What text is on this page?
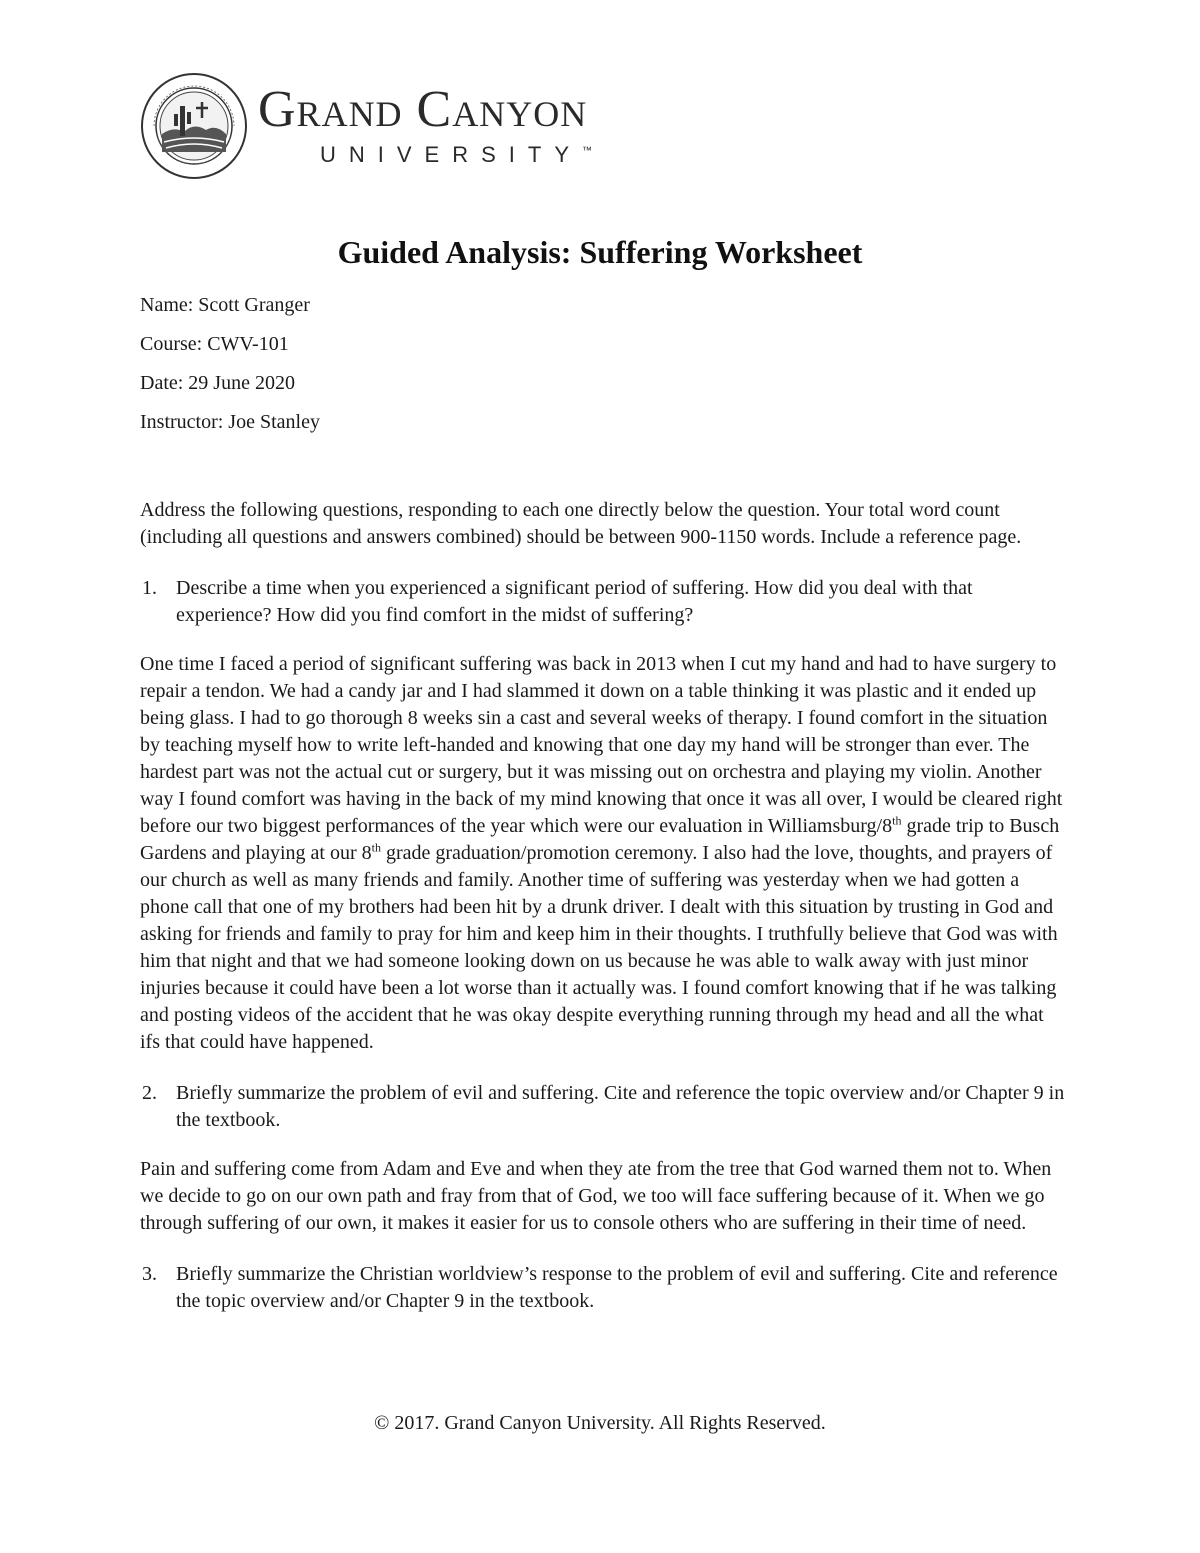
Grand Canyon
UNIVERSITY™
Guided Analysis: Suffering Worksheet

Name: Scott Granger

Course: CWV-101

Date: 29 June 2020

Instructor: Joe Stanley

Address the following questions, responding to each one directly below the question. Your total word count (including all questions and answers combined) should be between 900-1150 words. Include a reference page.

1. Describe a time when you experienced a significant period of suffering. How did you deal with that experience? How did you find comfort in the midst of suffering?

One time I faced a period of significant suffering was back in 2013 when I cut my hand and had to have surgery to repair a tendon. We had a candy jar and I had slammed it down on a table thinking it was plastic and it ended up being glass. I had to go thorough 8 weeks sin a cast and several weeks of therapy. I found comfort in the situation by teaching myself how to write left-handed and knowing that one day my hand will be stronger than ever. The hardest part was not the actual cut or surgery, but it was missing out on orchestra and playing my violin. Another way I found comfort was having in the back of my mind knowing that once it was all over, I would be cleared right before our two biggest performances of the year which were our evaluation in Williamsburg/8th grade trip to Busch Gardens and playing at our 8th grade graduation/promotion ceremony. I also had the love, thoughts, and prayers of our church as well as many friends and family. Another time of suffering was yesterday when we had gotten a phone call that one of my brothers had been hit by a drunk driver. I dealt with this situation by trusting in God and asking for friends and family to pray for him and keep him in their thoughts. I truthfully believe that God was with him that night and that we had someone looking down on us because he was able to walk away with just minor injuries because it could have been a lot worse than it actually was. I found comfort knowing that if he was talking and posting videos of the accident that he was okay despite everything running through my head and all the what ifs that could have happened.

2. Briefly summarize the problem of evil and suffering. Cite and reference the topic overview and/or Chapter 9 in the textbook.

Pain and suffering come from Adam and Eve and when they ate from the tree that God warned them not to. When we decide to go on our own path and fray from that of God, we too will face suffering because of it. When we go through suffering of our own, it makes it easier for us to console others who are suffering in their time of need.

3. Briefly summarize the Christian worldview’s response to the problem of evil and suffering. Cite and reference the topic overview and/or Chapter 9 in the textbook.
© 2017. Grand Canyon University. All Rights Reserved.
